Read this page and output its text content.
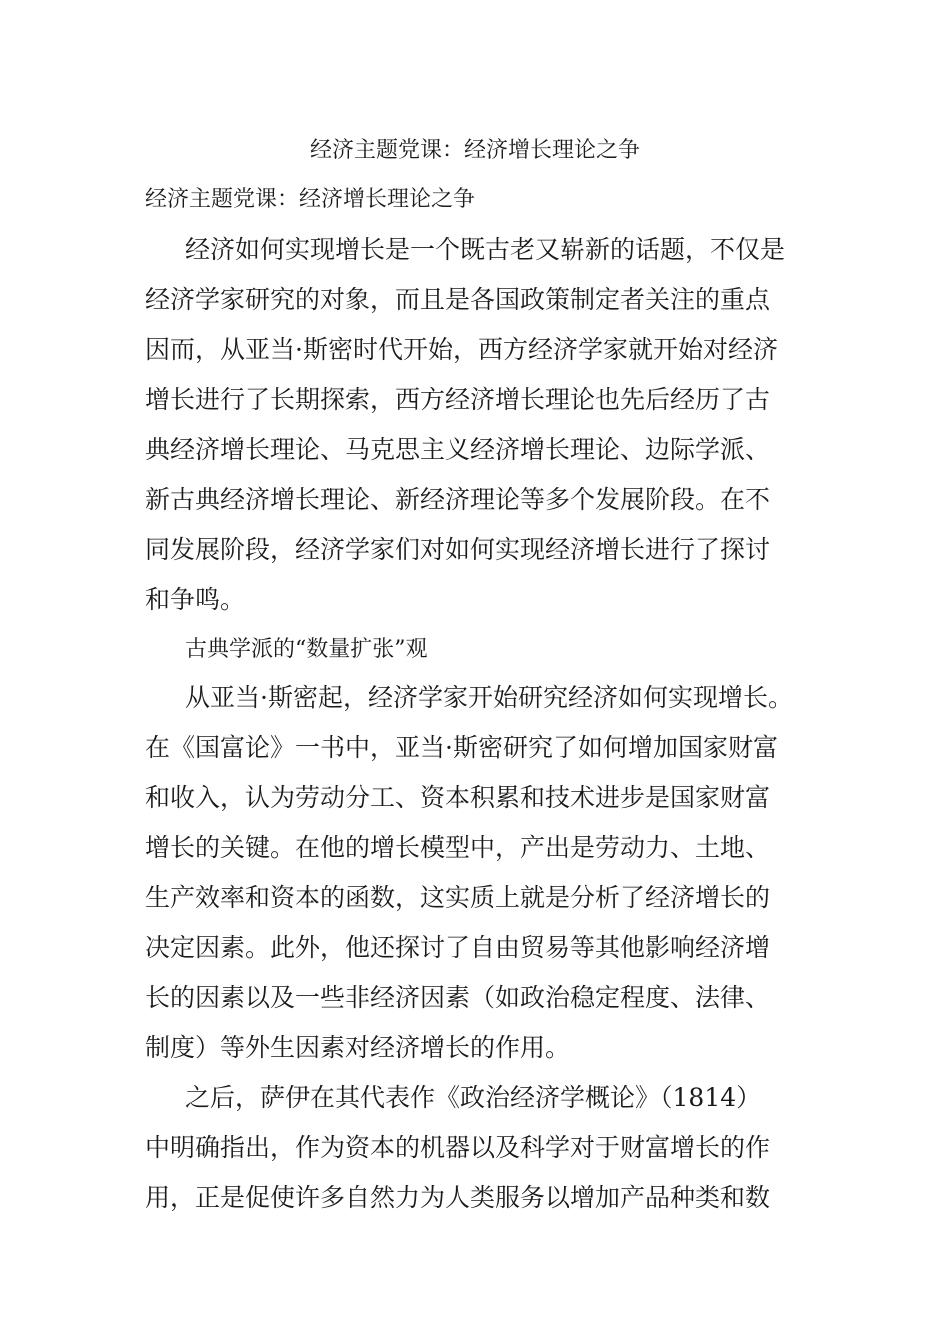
经济主题党课：经济增长理论之争
经济主题党课：经济增长理论之争
经济如何实现增长是一个既古老又崭新的话题，不仅是
经济学家研究的对象，而且是各国政策制定者关注的重点
因而，从亚当·斯密时代开始，西方经济学家就开始对经济
增长进行了长期探索，西方经济增长理论也先后经历了古
典经济增长理论、马克思主义经济增长理论、边际学派、
新古典经济增长理论、新经济理论等多个发展阶段。在不
同发展阶段，经济学家们对如何实现经济增长进行了探讨
和争鸣。
古典学派的“数量扩张”观
从亚当·斯密起，经济学家开始研究经济如何实现增长。
在《国富论》一书中，亚当·斯密研究了如何增加国家财富
和收入，认为劳动分工、资本积累和技术进步是国家财富
增长的关键。在他的增长模型中，产出是劳动力、土地、
生产效率和资本的函数，这实质上就是分析了经济增长的
决定因素。此外，他还探讨了自由贸易等其他影响经济增
长的因素以及一些非经济因素（如政治稳定程度、法律、
制度）等外生因素对经济增长的作用。
之后，萨伊在其代表作《政治经济学概论》（1814）
中明确指出，作为资本的机器以及科学对于财富增长的作
用，正是促使许多自然力为人类服务以增加产品种类和数
